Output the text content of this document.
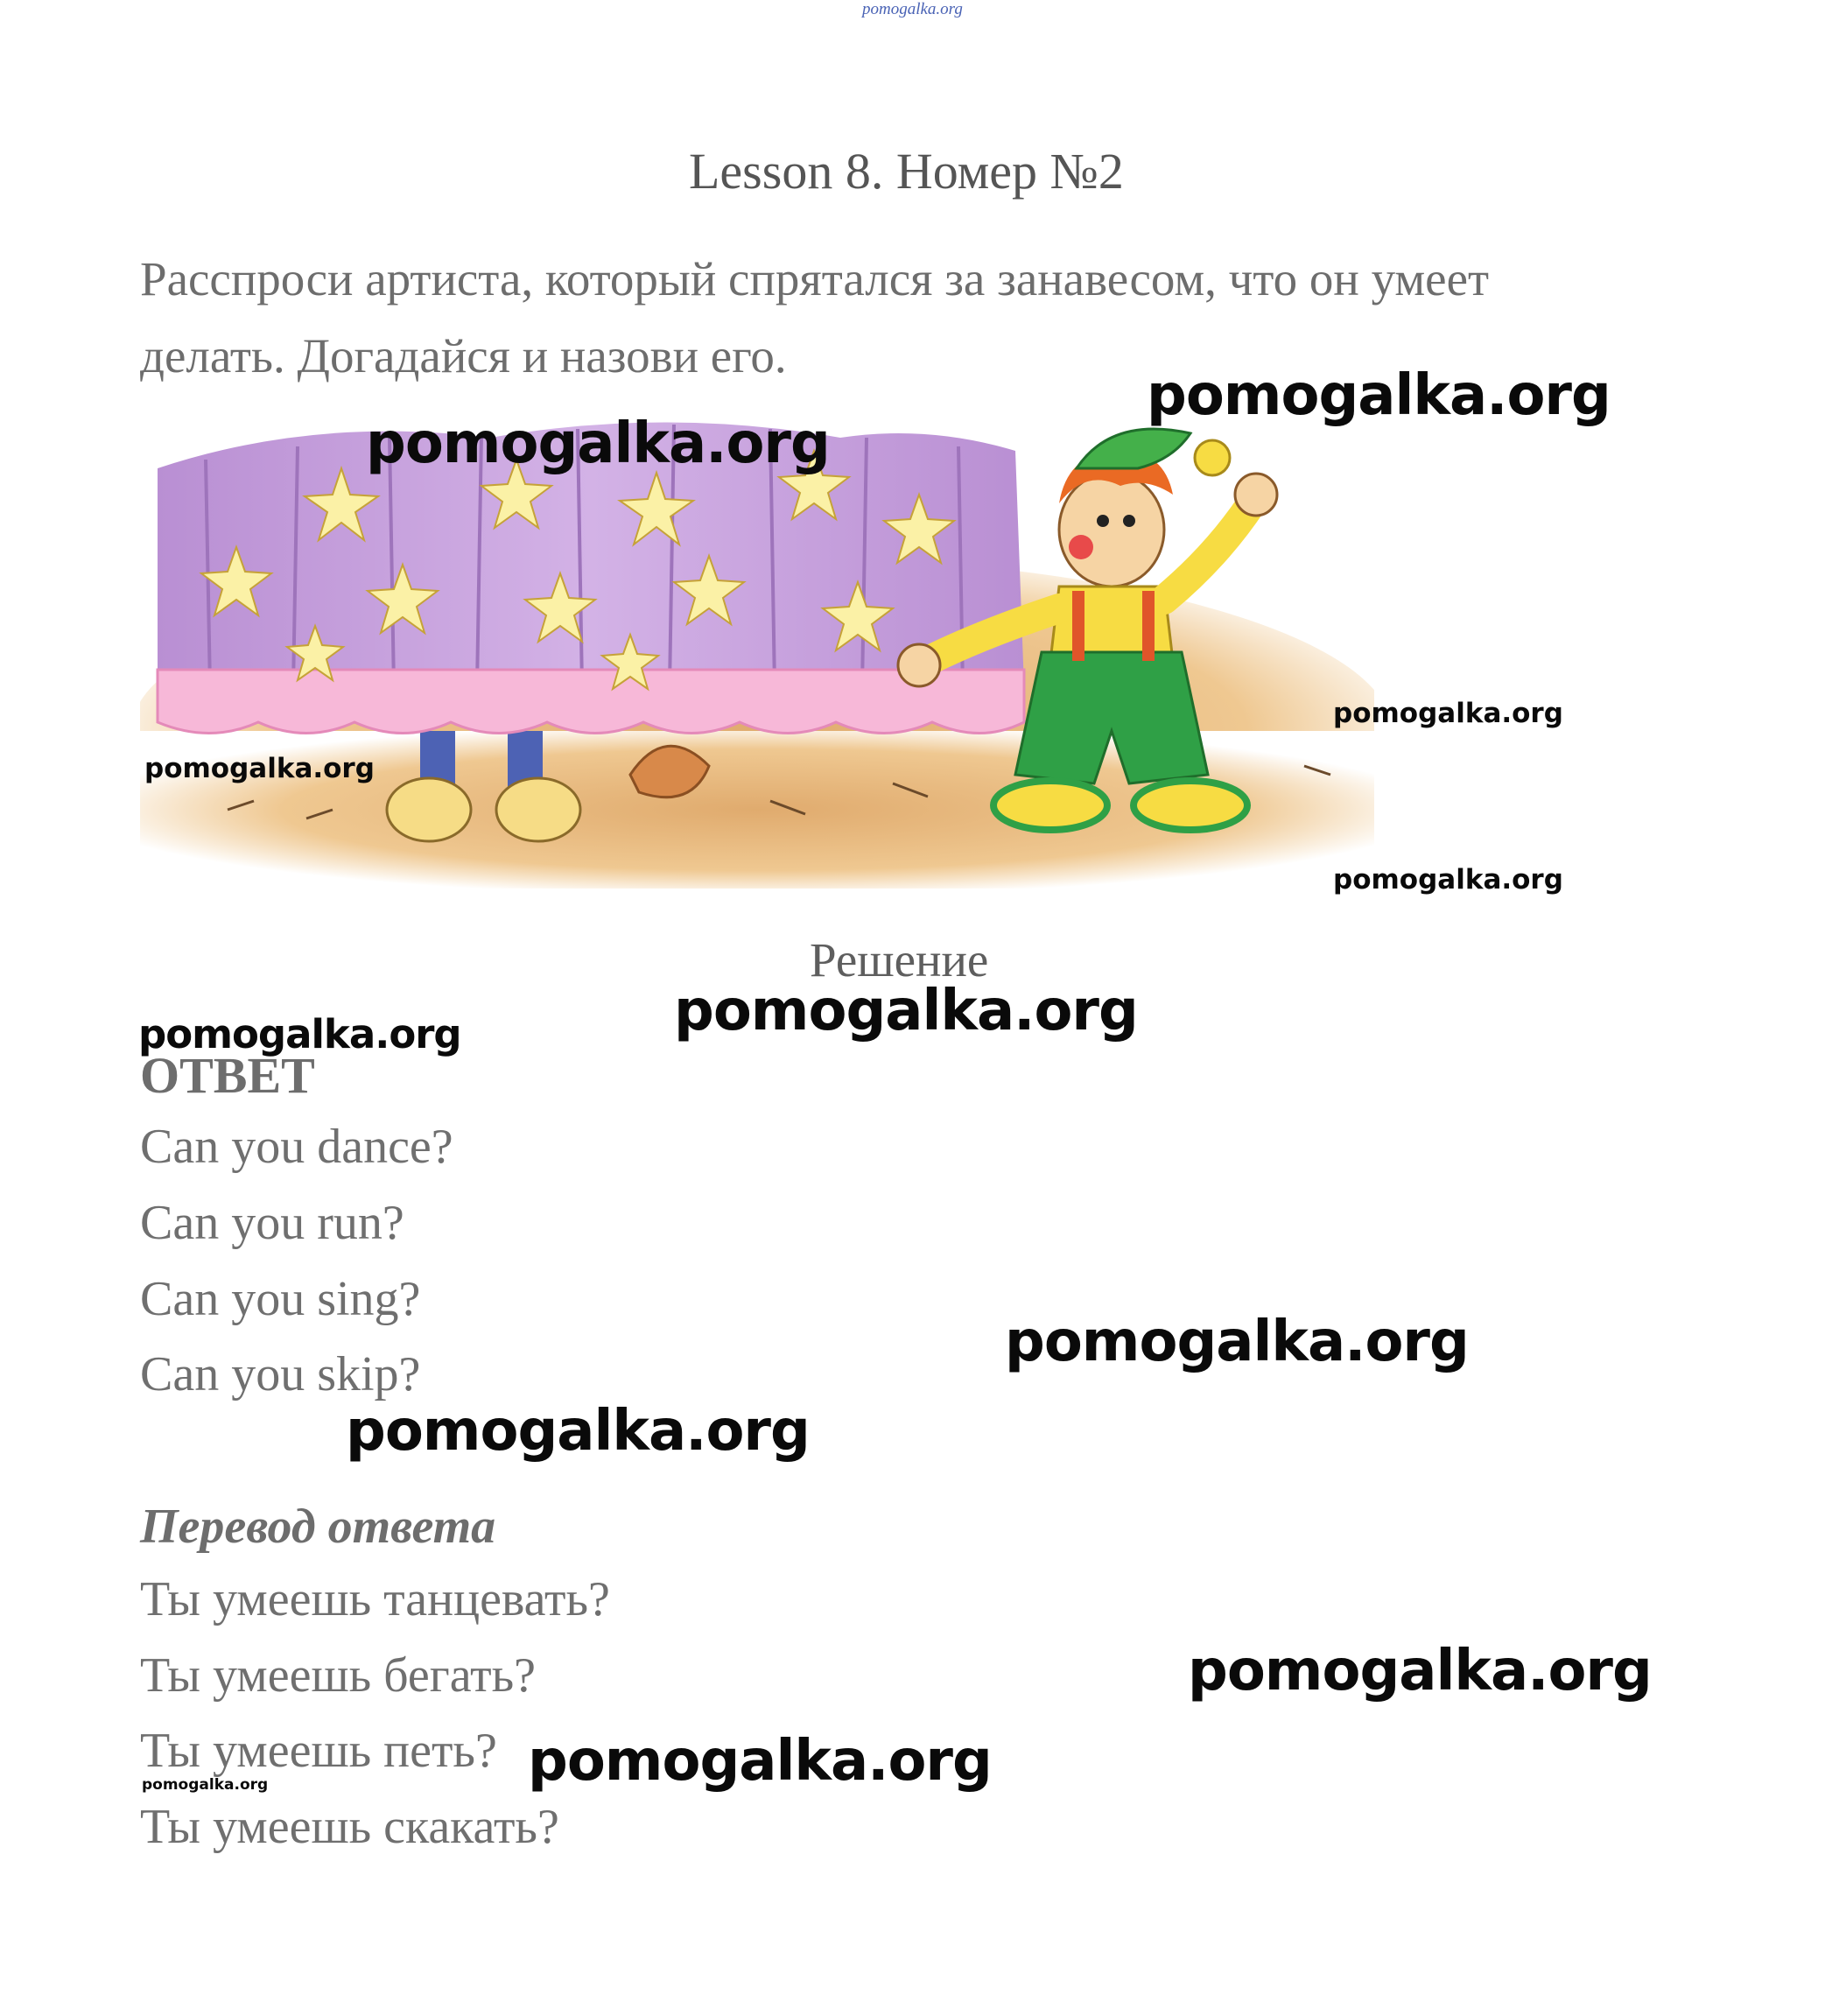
pomogalka.org
Lesson 8. Номер №2
Расспроси артиста, который спрятался за занавесом, что он умеет делать. Догадайся и назови его.
Решение
ОТВЕТ
Can you dance?
Can you run?
Can you sing?
Can you skip?
Перевод ответа
Ты умеешь танцевать?
Ты умеешь бегать?
Ты умеешь петь?
Ты умеешь скакать?
pomogalka.org
pomogalka.org
pomogalka.org
pomogalka.org
pomogalka.org
pomogalka.org
pomogalka.org
pomogalka.org
pomogalka.org
pomogalka.org
pomogalka.org
pomogalka.org
